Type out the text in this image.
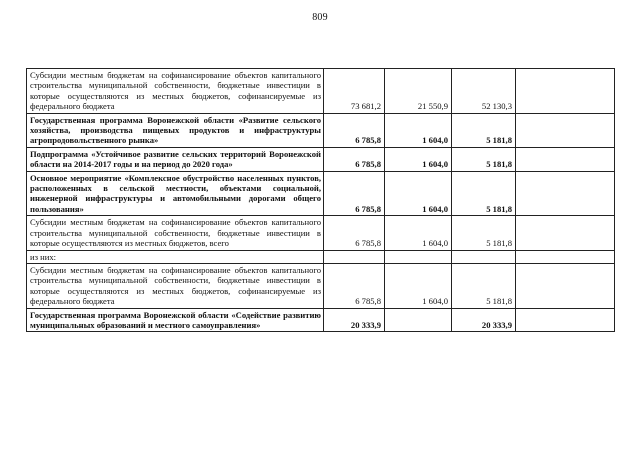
809
Субсидии местным бюджетам на софинансирование объектов капитального строительства муниципальной собственности, бюджетные инвестиции в которые осуществляются из местных бюджетов, софинансируемые из федерального бюджета	73 681,2	21 550,9	52 130,3	
Государственная программа Воронежской области «Развитие сельского хозяйства, производства пищевых продуктов и инфраструктуры агропродовольственного рынка»	6 785,8	1 604,0	5 181,8	
Подпрограмма «Устойчивое развитие сельских территорий Воронежской области на 2014-2017 годы и на период до 2020 года»	6 785,8	1 604,0	5 181,8	
Основное мероприятие «Комплексное обустройство населенных пунктов, расположенных в сельской местности, объектами социальной, инженерной инфраструктуры и автомобильными дорогами общего пользования»	6 785,8	1 604,0	5 181,8	
Субсидии местным бюджетам на софинансирование объектов капитального строительства муниципальной собственности, бюджетные инвестиции в которые осуществляются из местных бюджетов, всего	6 785,8	1 604,0	5 181,8	
из них:				
Субсидии местным бюджетам на софинансирование объектов капитального строительства муниципальной собственности, бюджетные инвестиции в которые осуществляются из местных бюджетов, софинансируемые из федерального бюджета	6 785,8	1 604,0	5 181,8	
Государственная программа Воронежской области «Содействие развитию муниципальных образований и местного самоуправления»	20 333,9		20 333,9	
